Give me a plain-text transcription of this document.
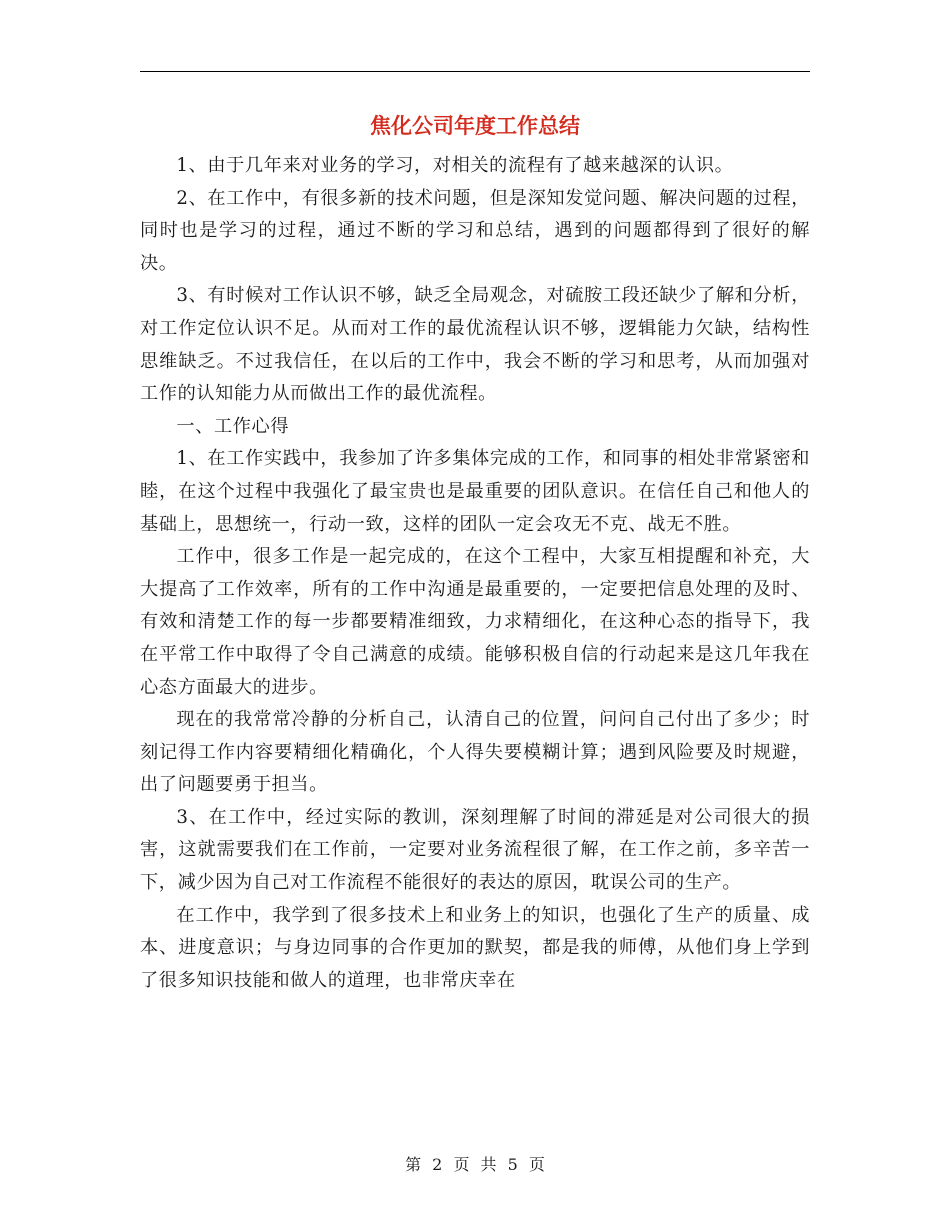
焦化公司年度工作总结

1、由于几年来对业务的学习，对相关的流程有了越来越深的认识。

2、在工作中，有很多新的技术问题，但是深知发觉问题、解决问题的过程，同时也是学习的过程，通过不断的学习和总结，遇到的问题都得到了很好的解决。

3、有时候对工作认识不够，缺乏全局观念，对硫胺工段还缺少了解和分析，对工作定位认识不足。从而对工作的最优流程认识不够，逻辑能力欠缺，结构性思维缺乏。不过我信任，在以后的工作中，我会不断的学习和思考，从而加强对工作的认知能力从而做出工作的最优流程。

一、工作心得

1、在工作实践中，我参加了许多集体完成的工作，和同事的相处非常紧密和睦，在这个过程中我强化了最宝贵也是最重要的团队意识。在信任自己和他人的基础上，思想统一，行动一致，这样的团队一定会攻无不克、战无不胜。

工作中，很多工作是一起完成的，在这个工程中，大家互相提醒和补充，大大提高了工作效率，所有的工作中沟通是最重要的，一定要把信息处理的及时、有效和清楚工作的每一步都要精准细致，力求精细化，在这种心态的指导下，我在平常工作中取得了令自己满意的成绩。能够积极自信的行动起来是这几年我在心态方面最大的进步。

现在的我常常冷静的分析自己，认清自己的位置，问问自己付出了多少；时刻记得工作内容要精细化精确化，个人得失要模糊计算；遇到风险要及时规避，出了问题要勇于担当。

3、在工作中，经过实际的教训，深刻理解了时间的滞延是对公司很大的损害，这就需要我们在工作前，一定要对业务流程很了解，在工作之前，多辛苦一下，减少因为自己对工作流程不能很好的表达的原因，耽误公司的生产。

在工作中，我学到了很多技术上和业务上的知识，也强化了生产的质量、成本、进度意识；与身边同事的合作更加的默契，都是我的师傅，从他们身上学到了很多知识技能和做人的道理，也非常庆幸在

第 2 页 共 5 页
